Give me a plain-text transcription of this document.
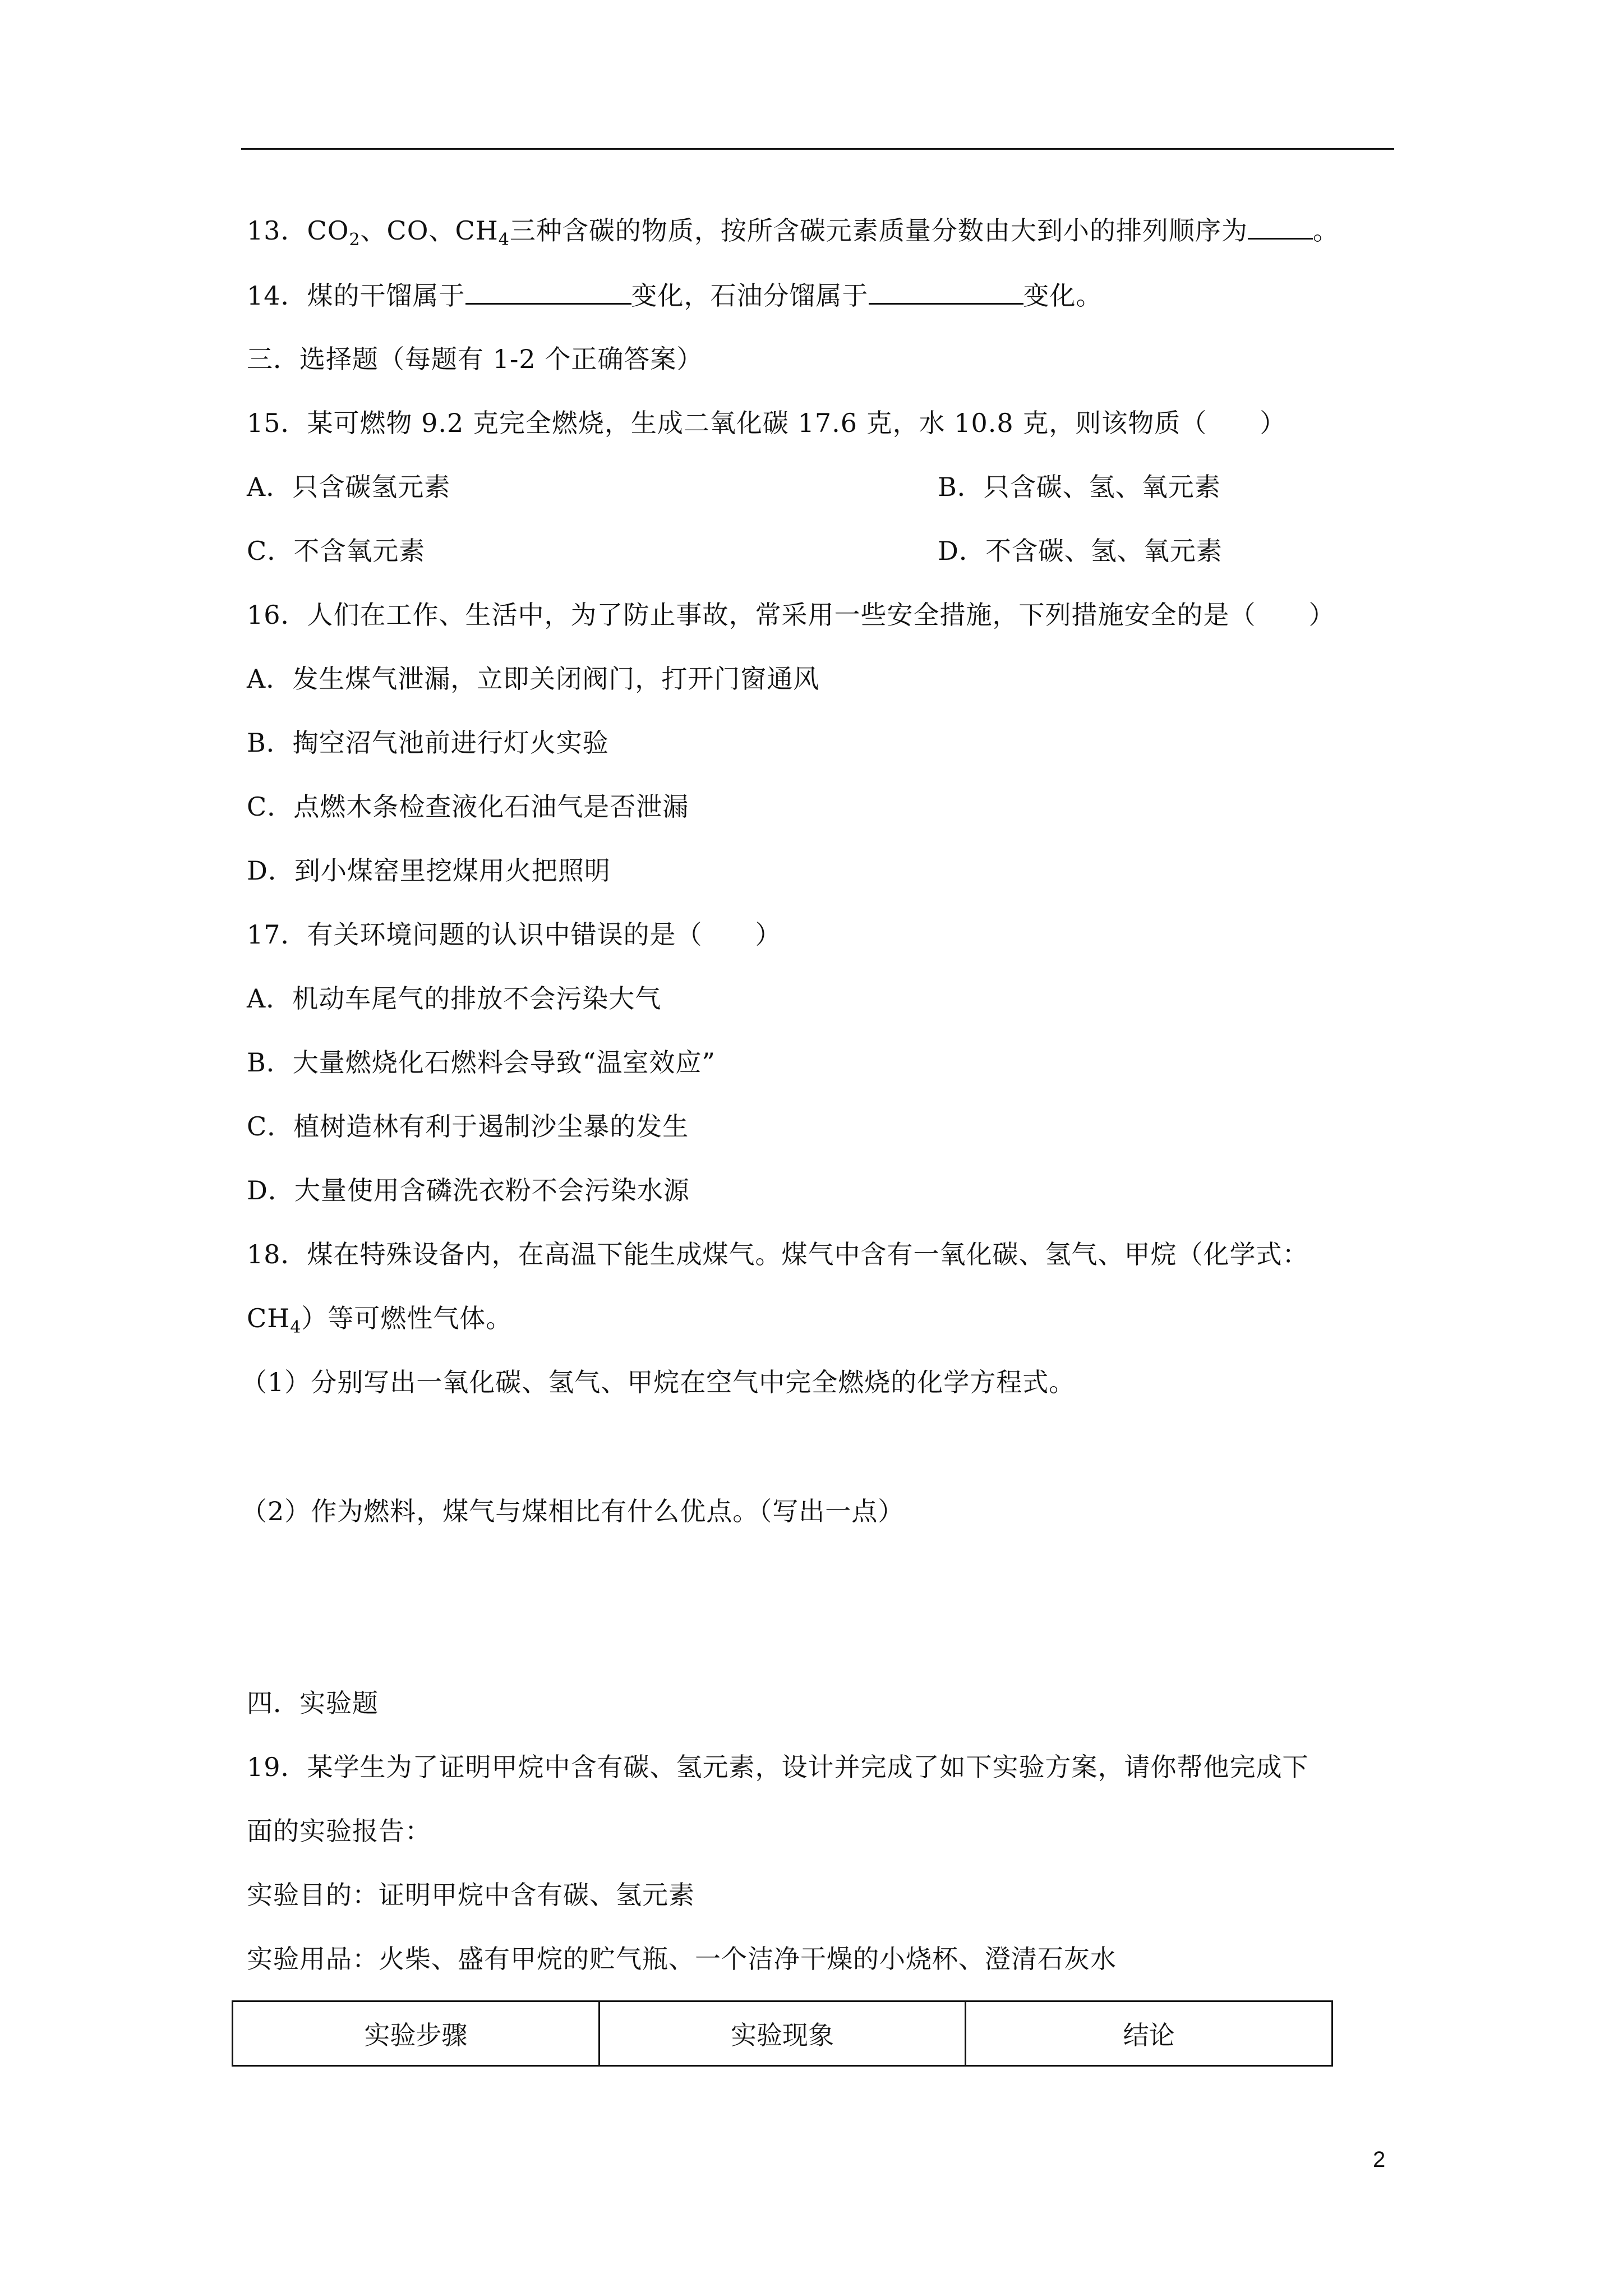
13．$CO_2$、CO、$CH_4$三种含碳的物质，按所含碳元素质量分数由大到小的排列顺序为	。
14．煤的干馏属于	变化，石油分馏属于	变化。
三．选择题（每题有 1-2 个正确答案）
15．某可燃物 9.2 克完全燃烧，生成二氧化碳 17.6 克，水 10.8 克，则该物质（　　）
A．只含碳氢元素	B．只含碳、氢、氧元素
C．不含氧元素	D．不含碳、氢、氧元素
16．人们在工作、生活中，为了防止事故，常采用一些安全措施，下列措施安全的是（　　）
A．发生煤气泄漏，立即关闭阀门，打开门窗通风
B．掏空沼气池前进行灯火实验
C．点燃木条检查液化石油气是否泄漏
D．到小煤窑里挖煤用火把照明
17．有关环境问题的认识中错误的是（　　）
A．机动车尾气的排放不会污染大气
B．大量燃烧化石燃料会导致“温室效应”
C．植树造林有利于遏制沙尘暴的发生
D．大量使用含磷洗衣粉不会污染水源
18．煤在特殊设备内，在高温下能生成煤气。煤气中含有一氧化碳、氢气、甲烷（化学式：
$CH_4$）等可燃性气体。
（1）分别写出一氧化碳、氢气、甲烷在空气中完全燃烧的化学方程式。
（2）作为燃料，煤气与煤相比有什么优点。（写出一点）
四．实验题
19．某学生为了证明甲烷中含有碳、氢元素，设计并完成了如下实验方案，请你帮他完成下
面的实验报告：
实验目的：证明甲烷中含有碳、氢元素
实验用品：火柴、盛有甲烷的贮气瓶、一个洁净干燥的小烧杯、澄清石灰水
实验步骤	实验现象	结论
2
